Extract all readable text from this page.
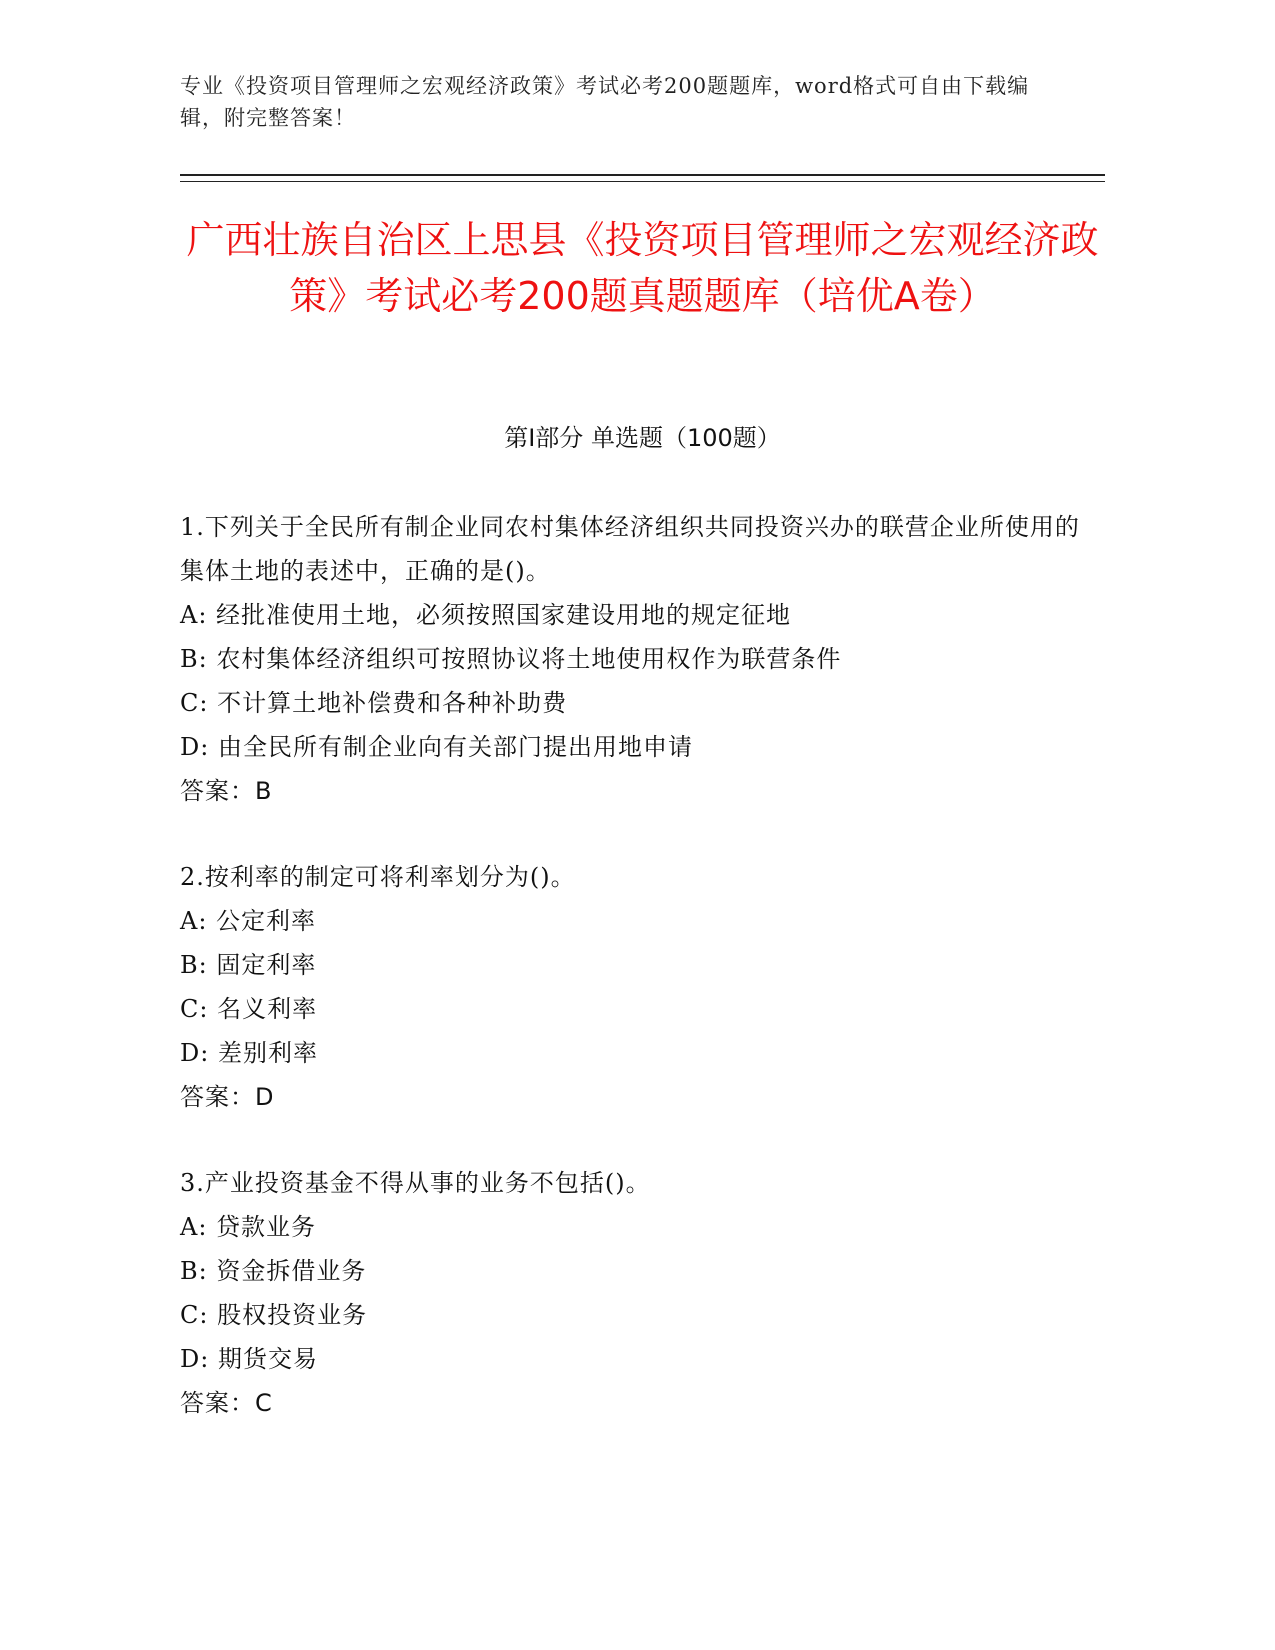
专业《投资项目管理师之宏观经济政策》考试必考200题题库，word格式可自由下载编辑，附完整答案！
广西壮族自治区上思县《投资项目管理师之宏观经济政策》考试必考200题真题题库（培优A卷）
第I部分 单选题（100题）
1.下列关于全民所有制企业同农村集体经济组织共同投资兴办的联营企业所使用的集体土地的表述中，正确的是()。
A: 经批准使用土地，必须按照国家建设用地的规定征地
B: 农村集体经济组织可按照协议将土地使用权作为联营条件
C: 不计算土地补偿费和各种补助费
D: 由全民所有制企业向有关部门提出用地申请
答案：B
2.按利率的制定可将利率划分为()。
A: 公定利率
B: 固定利率
C: 名义利率
D: 差别利率
答案：D
3.产业投资基金不得从事的业务不包括()。
A: 贷款业务
B: 资金拆借业务
C: 股权投资业务
D: 期货交易
答案：C
